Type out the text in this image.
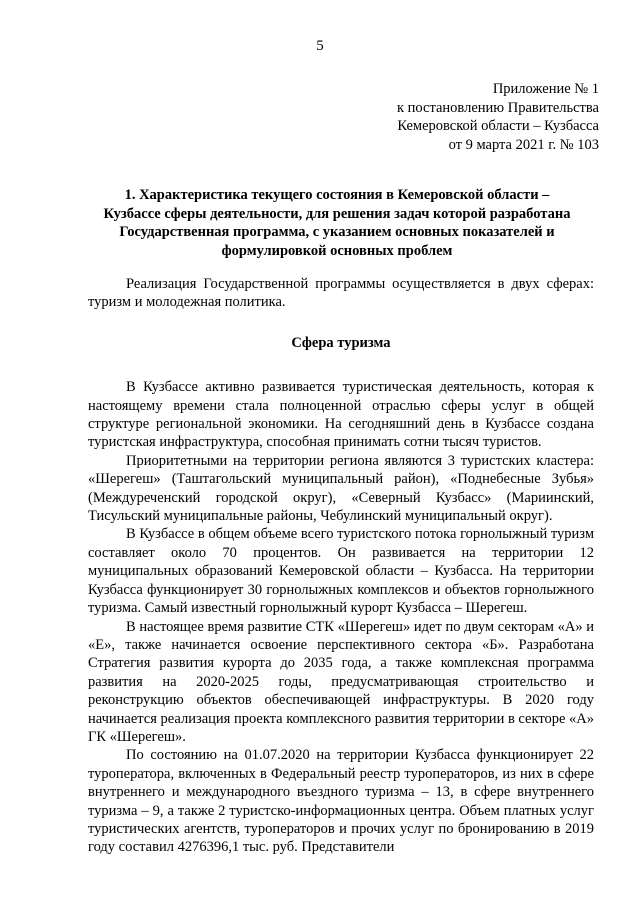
5
Приложение № 1
к постановлению Правительства
Кемеровской области – Кузбасса
от 9 марта 2021 г. № 103
1. Характеристика текущего состояния в Кемеровской области –
Кузбассе сферы деятельности, для решения задач которой разработана
Государственная программа, с указанием основных показателей и
формулировкой основных проблем

Реализация Государственной программы осуществляется в двух сферах: туризм и молодежная политика.

Сфера туризма

В Кузбассе активно развивается туристическая деятельность, которая к настоящему времени стала полноценной отраслью сферы услуг в общей структуре региональной экономики. На сегодняшний день в Кузбассе создана туристская инфраструктура, способная принимать сотни тысяч туристов.

Приоритетными на территории региона являются 3 туристских кластера: «Шерегеш» (Таштагольский муниципальный район), «Поднебесные Зубья» (Междуреченский городской округ), «Северный Кузбасс» (Мариинский, Тисульский муниципальные районы, Чебулинский муниципальный округ).

В Кузбассе в общем объеме всего туристского потока горнолыжный туризм составляет около 70 процентов. Он развивается на территории 12 муниципальных образований Кемеровской области – Кузбасса. На территории Кузбасса функционирует 30 горнолыжных комплексов и объектов горнолыжного туризма. Самый известный горнолыжный курорт Кузбасса – Шерегеш.

В настоящее время развитие СТК «Шерегеш» идет по двум секторам «А» и «Е», также начинается освоение перспективного сектора «Б». Разработана Стратегия развития курорта до 2035 года, а также комплексная программа развития на 2020-2025 годы, предусматривающая строительство и реконструкцию объектов обеспечивающей инфраструктуры. В 2020 году начинается реализация проекта комплексного развития территории в секторе «А» ГК «Шерегеш».

По состоянию на 01.07.2020 на территории Кузбасса функционирует 22 туроператора, включенных в Федеральный реестр туроператоров, из них в сфере внутреннего и международного въездного туризма – 13, в сфере внутреннего туризма – 9, а также 2 туристско-информационных центра. Объем платных услуг туристических агентств, туроператоров и прочих услуг по бронированию в 2019 году составил 4276396,1 тыс. руб. Представители
